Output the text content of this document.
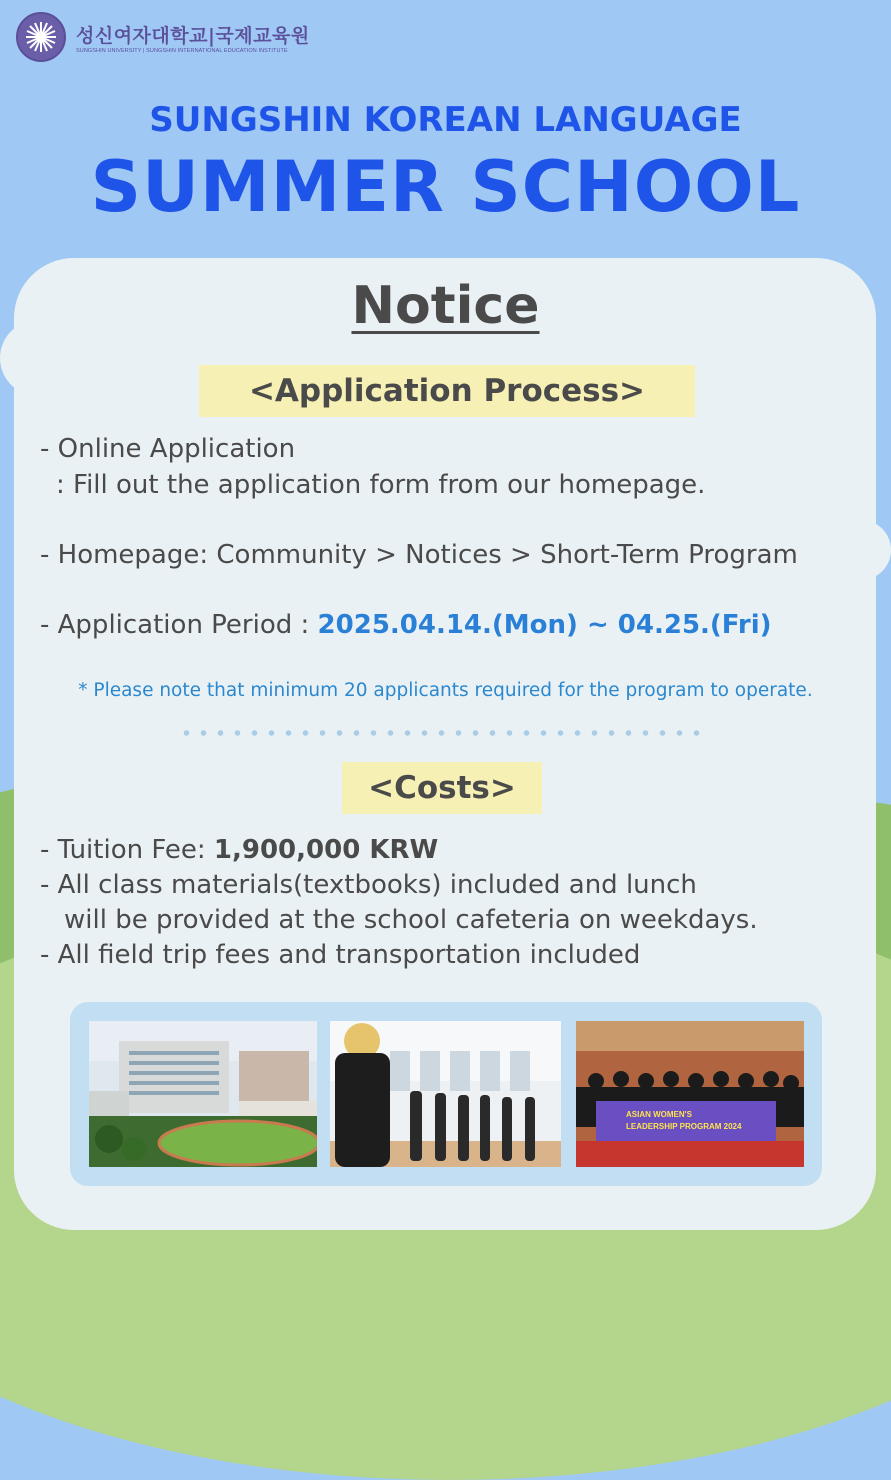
성신여자대학교|국제교육원
SUNGSHIN UNIVERSITY | SUNGSHIN INTERNATIONAL EDUCATION INSTITUTE
SUNGSHIN KOREAN LANGUAGE
SUMMER SCHOOL
Notice
<Application Process>
- Online Application
: Fill out the application form from our homepage.
- Homepage: Community > Notices > Short-Term Program
- Application Period : 2025.04.14.(Mon) ~ 04.25.(Fri)
* Please note that minimum 20 applicants required for the program to operate.
<Costs>
- Tuition Fee: 1,900,000 KRW
- All class materials(textbooks) included and lunch
will be provided at the school cafeteria on weekdays.
- All field trip fees and transportation included
ASIAN WOMEN'S
LEADERSHIP PROGRAM 2024
